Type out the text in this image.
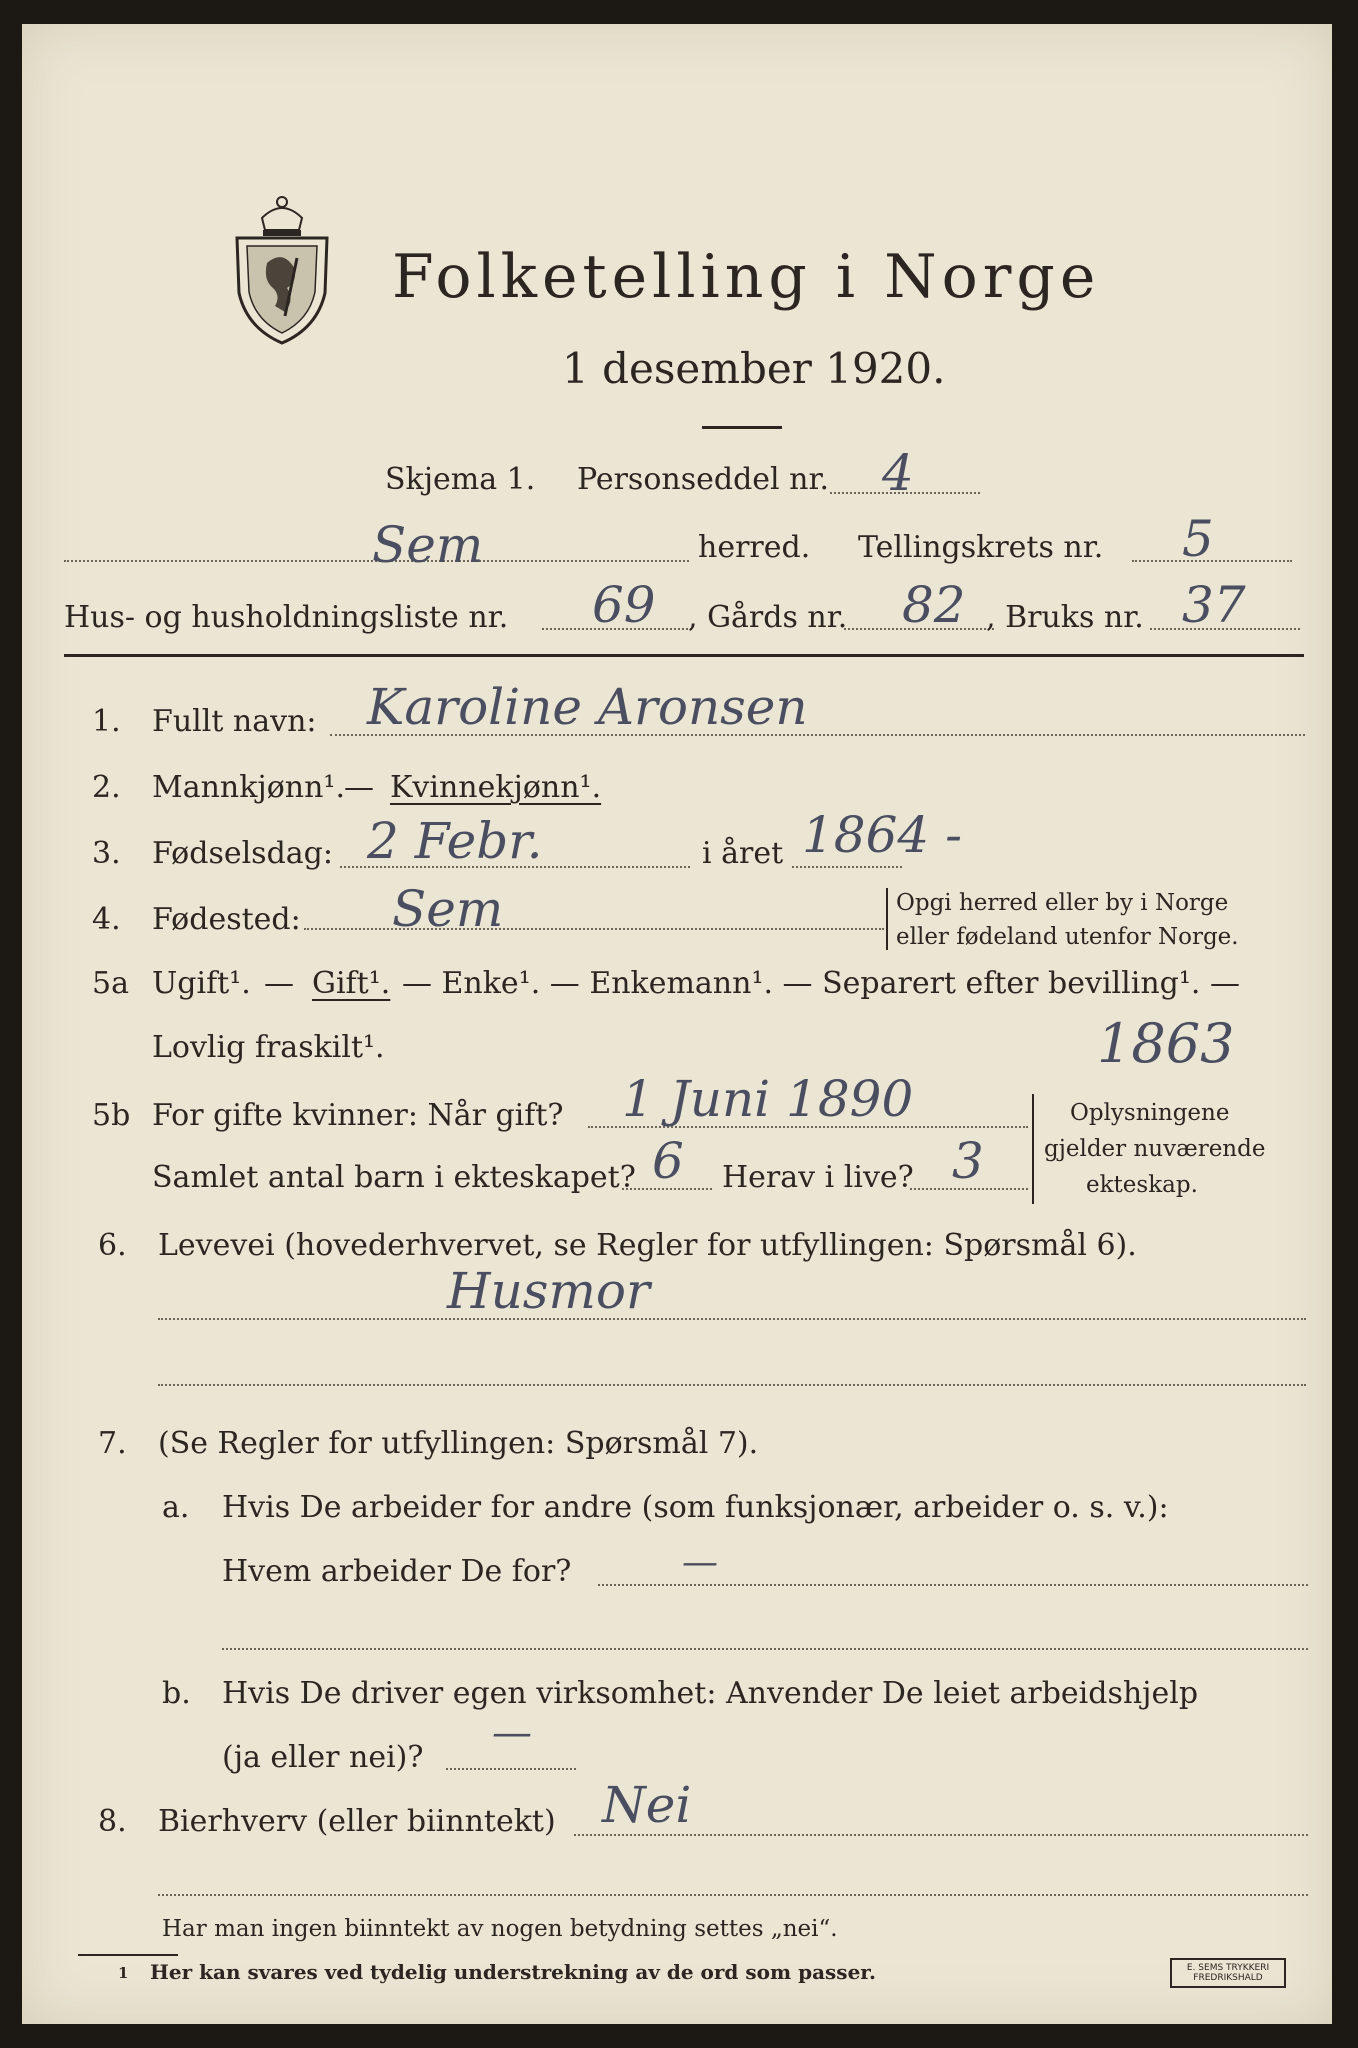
Folketelling i Norge
1 desember 1920.
Skjema 1. Personseddel nr. 4
Sem	herred. Tellingskrets nr. 5
Hus- og husholdningsliste nr. 69 , Gårds nr. 82 , Bruks nr. 37
1. Fullt navn: Karoline Aronsen
2. Mannkjønn¹. — Kvinnekjønn¹.
3. Fødselsdag: 2 Febr.	i året 1864 -
4. Fødested: Sem	Opgi herred eller by i Norge
eller fødeland utenfor Norge.
5a Ugift¹. — Gift¹. — Enke¹. — Enkemann¹. — Separert efter bevilling¹. —
Lovlig fraskilt¹.	1863
5b For gifte kvinner: Når gift? 1 Juni 1890
Samlet antal barn i ekteskapet? 6 Herav i live? 3
Oplysningene
gjelder nuværende
ekteskap.
6. Levevei (hovederhvervet, se Regler for utfyllingen: Spørsmål 6).
Husmor
7. (Se Regler for utfyllingen: Spørsmål 7).
a. Hvis De arbeider for andre (som funksjonær, arbeider o. s. v.):
Hvem arbeider De for?	—
b. Hvis De driver egen virksomhet: Anvender De leiet arbeidshjelp
(ja eller nei)?
—
8. Bierhverv (eller biinntekt) Nei
Har man ingen biinntekt av nogen betydning settes „nei“.
1 Her kan svares ved tydelig understrekning av de ord som passer.	E. SEMS TRYKKERI
FREDRIKSHALD
